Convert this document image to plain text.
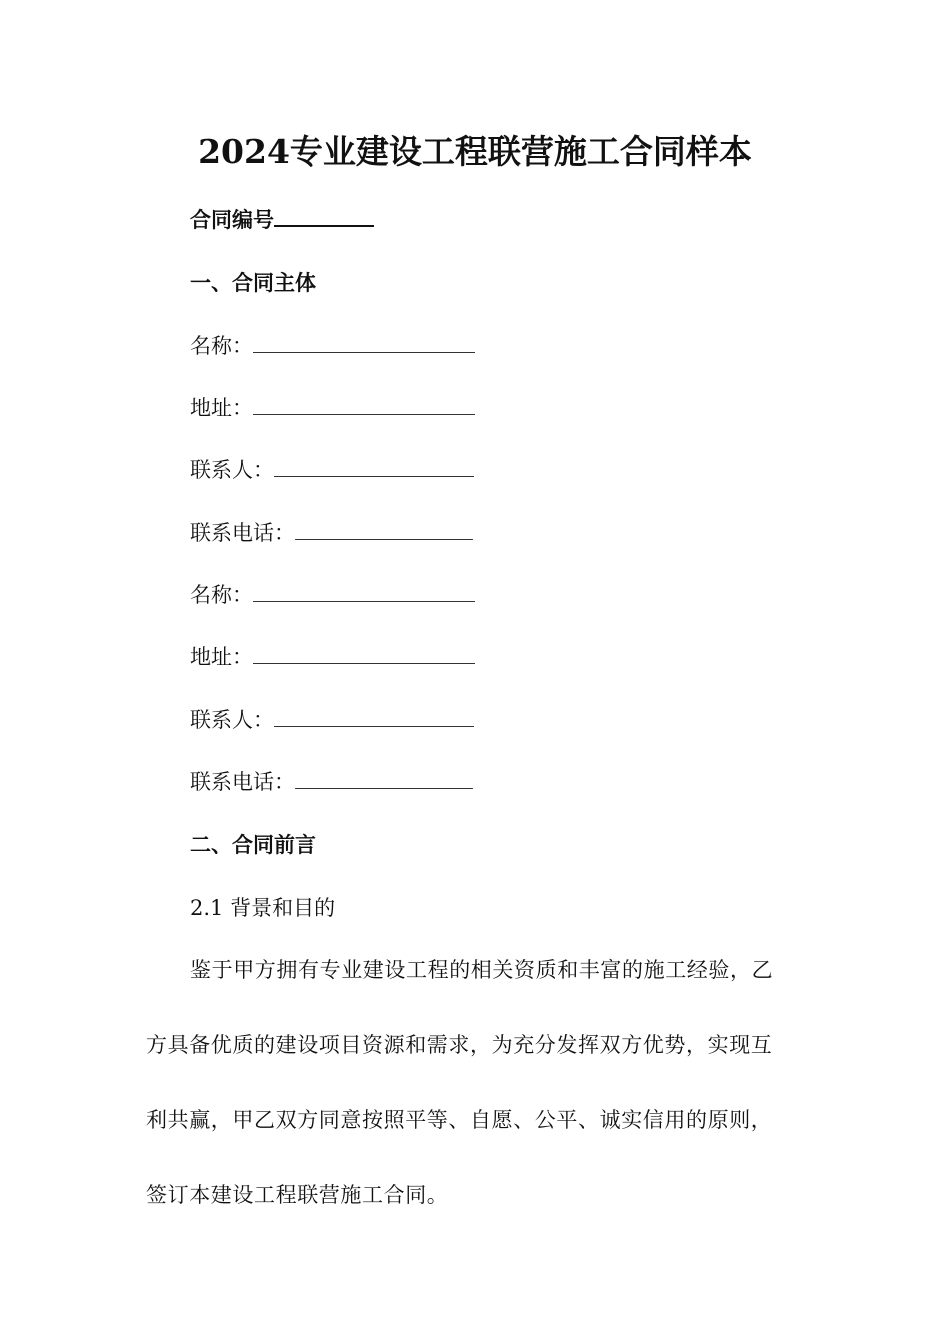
2024专业建设工程联营施工合同样本
合同编号
一、合同主体
名称：
地址：
联系人：
联系电话：
名称：
地址：
联系人：
联系电话：
二、合同前言
2.1 背景和目的
鉴于甲方拥有专业建设工程的相关资质和丰富的施工经验，乙
方具备优质的建设项目资源和需求，为充分发挥双方优势，实现互
利共赢，甲乙双方同意按照平等、自愿、公平、诚实信用的原则，
签订本建设工程联营施工合同。
